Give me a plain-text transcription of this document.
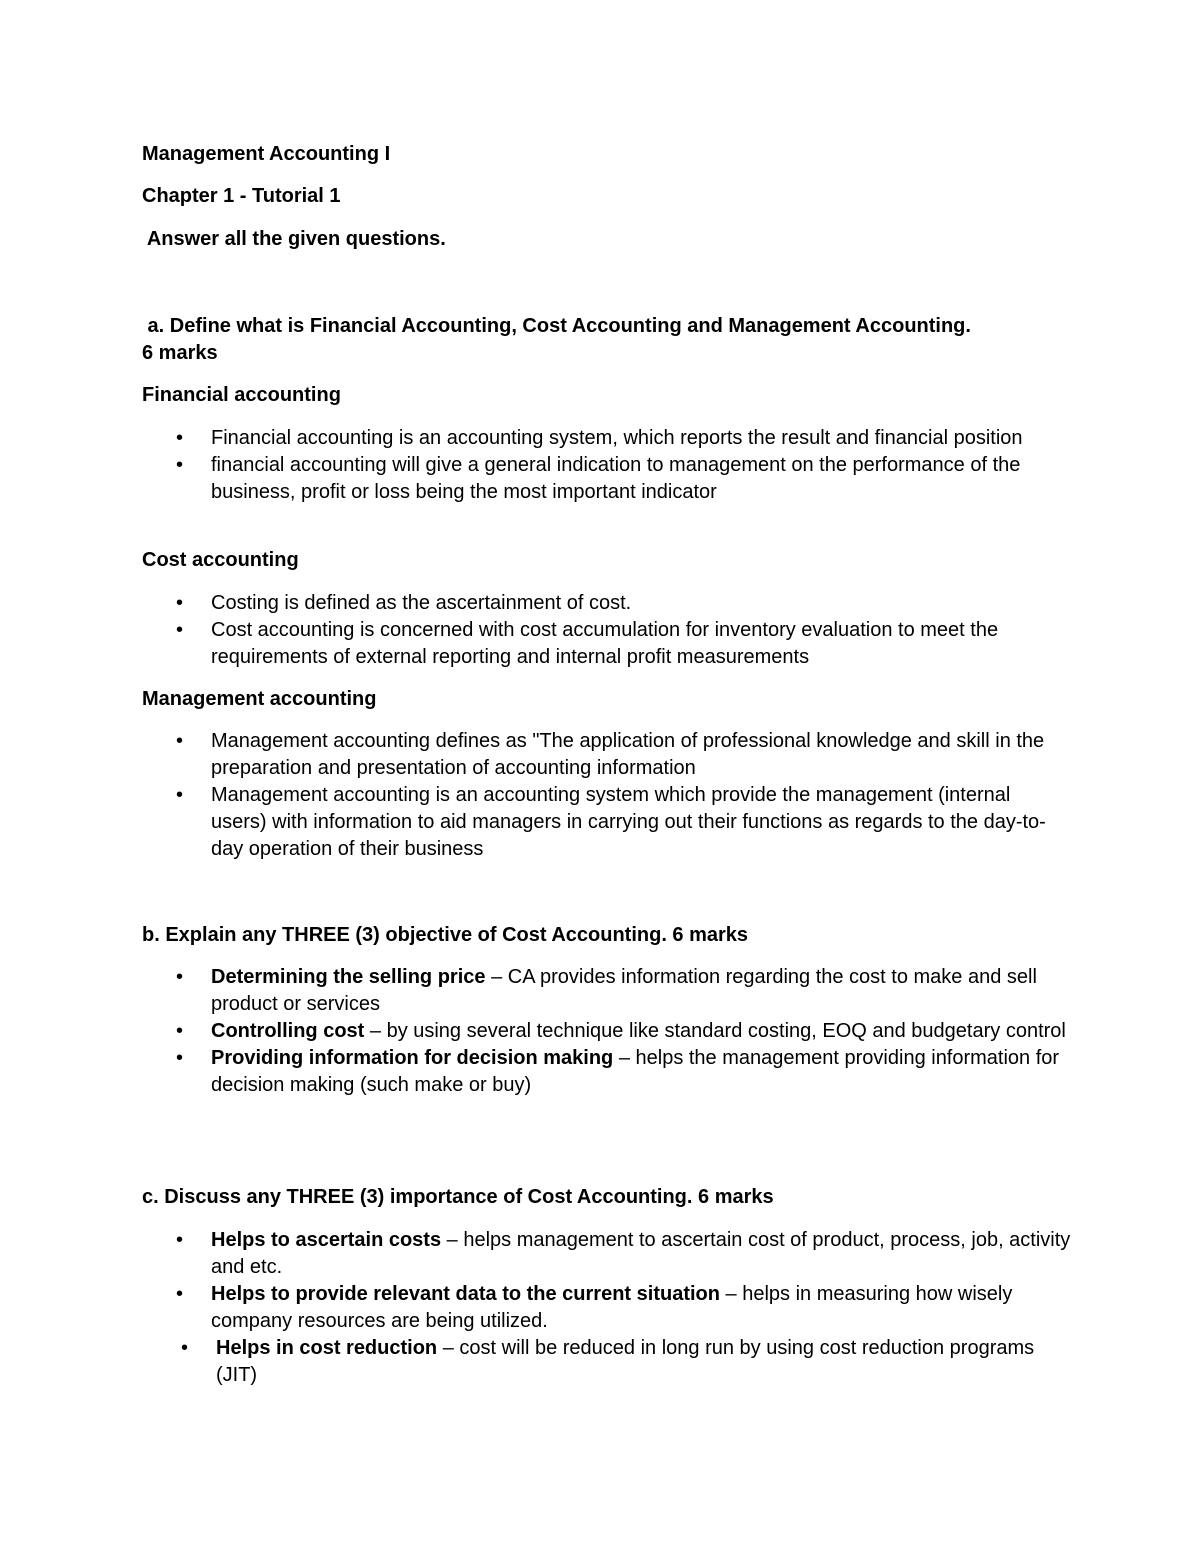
Management Accounting I
Chapter 1 - Tutorial 1
Answer all the given questions.
a. Define what is Financial Accounting, Cost Accounting and Management Accounting.
6 marks
Financial accounting
• Financial accounting is an accounting system, which reports the result and financial position
• financial accounting will give a general indication to management on the performance of the business, profit or loss being the most important indicator
Cost accounting
• Costing is defined as the ascertainment of cost.
• Cost accounting is concerned with cost accumulation for inventory evaluation to meet the requirements of external reporting and internal profit measurements
Management accounting
• Management accounting defines as "The application of professional knowledge and skill in the preparation and presentation of accounting information
• Management accounting is an accounting system which provide the management (internal users) with information to aid managers in carrying out their functions as regards to the day-to-day operation of their business
b. Explain any THREE (3) objective of Cost Accounting. 6 marks
• Determining the selling price – CA provides information regarding the cost to make and sell product or services
• Controlling cost – by using several technique like standard costing, EOQ and budgetary control
• Providing information for decision making – helps the management providing information for decision making (such make or buy)
c. Discuss any THREE (3) importance of Cost Accounting. 6 marks
• Helps to ascertain costs – helps management to ascertain cost of product, process, job, activity and etc.
• Helps to provide relevant data to the current situation – helps in measuring how wisely company resources are being utilized.
• Helps in cost reduction – cost will be reduced in long run by using cost reduction programs (JIT)
